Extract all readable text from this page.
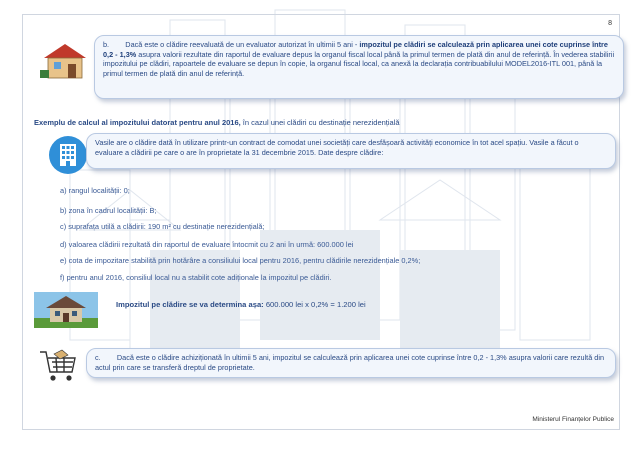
8
b.        Dacă este o clădire reevaluată de un evaluator autorizat în ultimii 5 ani - impozitul pe clădiri se calculează prin aplicarea unei cote cuprinse între 0,2 - 1,3% asupra valorii rezultate din raportul de evaluare depus la organul fiscal local până la primul termen de plată din anul de referință. În vederea stabilirii impozitului pe clădiri, rapoartele de evaluare se depun în copie, la organul fiscal local, ca anexă la declarația contribuabilului MODEL2016-ITL 001, până la primul termen de plată din anul de referință.
Exemplu de calcul al impozitului datorat pentru anul 2016, în cazul unei clădiri cu destinație nerezidențială
Vasile are o clădire dată în utilizare printr-un contract de comodat unei societăți care desfășoară activități economice în tot acel spațiu. Vasile a făcut o evaluare a clădirii pe care o are în proprietate la 31 decembrie 2015. Date despre clădire:
a) rangul localității: 0;
b) zona în cadrul localității: B;
c) suprafața utilă a clădirii: 190 m² cu destinație nerezidențială;
d) valoarea clădirii rezultată din raportul de evaluare întocmit cu 2 ani în urmă: 600.000 lei
e) cota de impozitare stabilită prin hotărâre a consiliului local pentru 2016, pentru clădirile nerezidențiale 0,2%;
f) pentru anul 2016, consiliul local nu a stabilit cote adiționale la impozitul pe clădiri.
Impozitul pe clădire se va determina așa: 600.000 lei x 0,2% = 1.200 lei
c.        Dacă este o clădire achiziționată în ultimii 5 ani, impozitul se calculează prin aplicarea unei cote cuprinse între 0,2 - 1,3% asupra valorii care rezultă din actul prin care se transferă dreptul de proprietate.
Ministerul Finanțelor Publice
